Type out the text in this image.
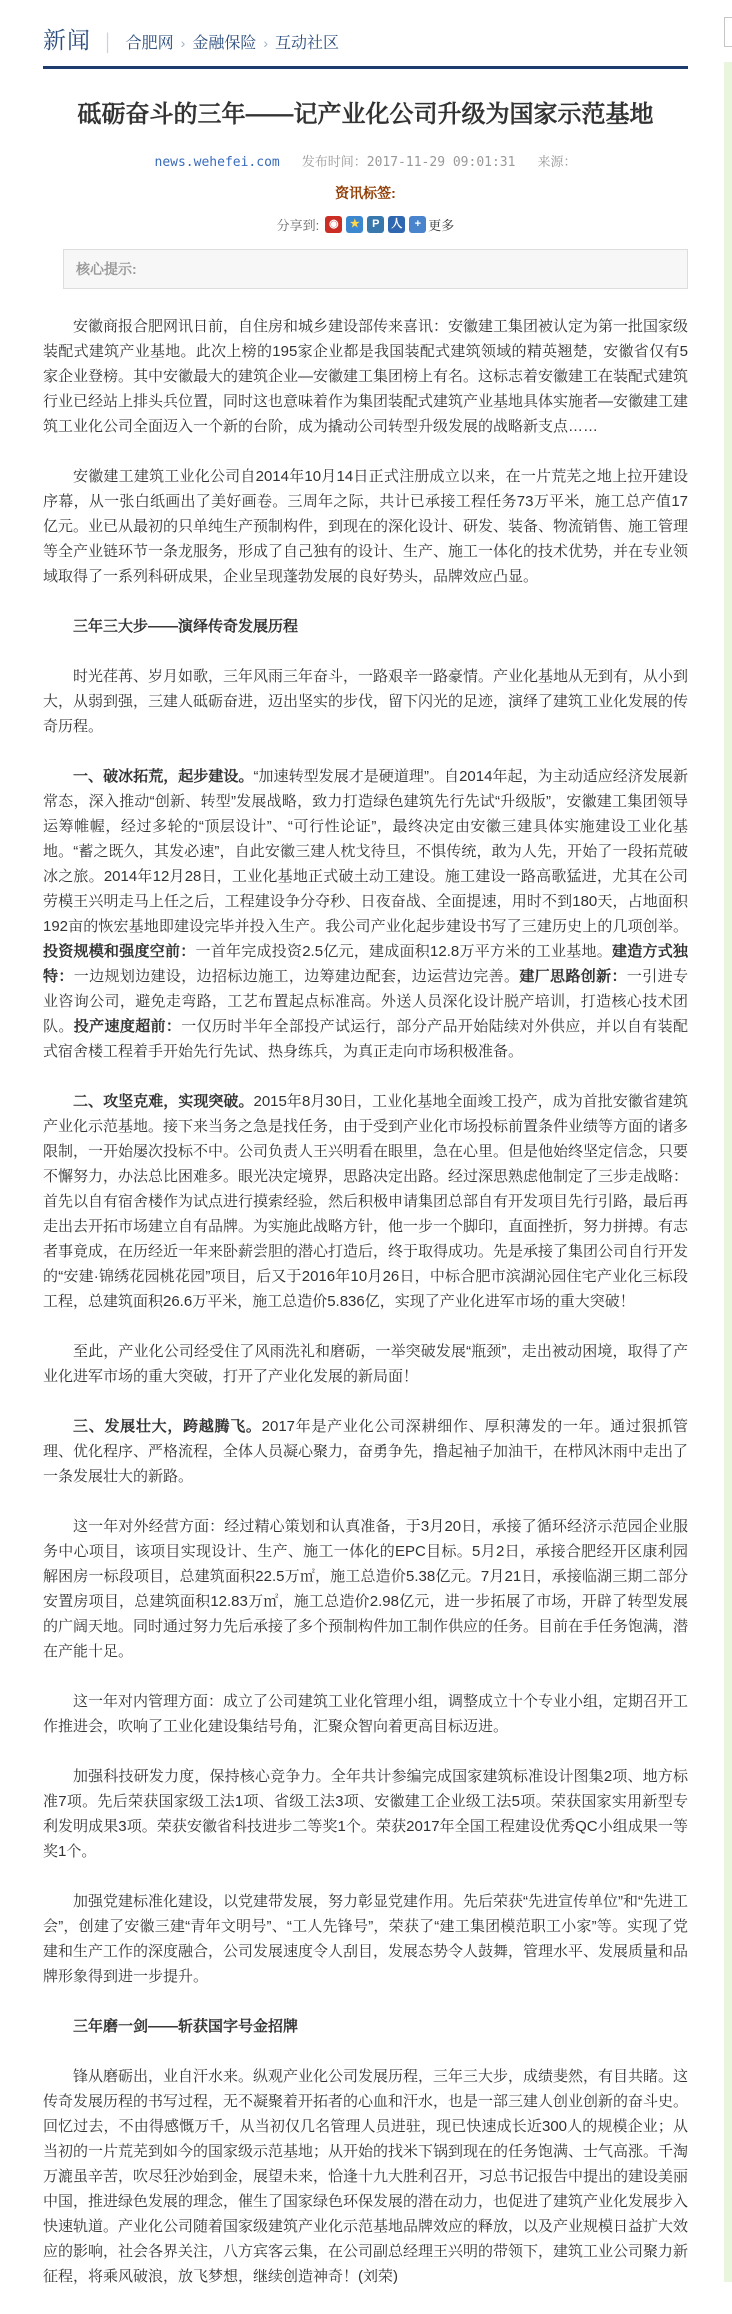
新闻 │ 合肥网 › 金融保险 › 互动社区
砥砺奋斗的三年——记产业化公司升级为国家示范基地
news.wehefei.com 发布时间：2017-11-29 09:01:31 来源：
资讯标签:
分享到: ◉	★	P	人	+ 更多
核心提示:

安徽商报合肥网讯日前，自住房和城乡建设部传来喜讯：安徽建工集团被认定为第一批国家级装配式建筑产业基地。此次上榜的195家企业都是我国装配式建筑领域的精英翘楚，安徽省仅有5家企业登榜。其中安徽最大的建筑企业—安徽建工集团榜上有名。这标志着安徽建工在装配式建筑行业已经站上排头兵位置，同时这也意味着作为集团装配式建筑产业基地具体实施者—安徽建工建筑工业化公司全面迈入一个新的台阶，成为撬动公司转型升级发展的战略新支点……

安徽建工建筑工业化公司自2014年10月14日正式注册成立以来，在一片荒芜之地上拉开建设序幕，从一张白纸画出了美好画卷。三周年之际，共计已承接工程任务73万平米，施工总产值17亿元。业已从最初的只单纯生产预制构件，到现在的深化设计、研发、装备、物流销售、施工管理等全产业链环节一条龙服务，形成了自己独有的设计、生产、施工一体化的技术优势，并在专业领域取得了一系列科研成果，企业呈现蓬勃发展的良好势头，品牌效应凸显。

三年三大步——演绎传奇发展历程

时光荏苒、岁月如歌，三年风雨三年奋斗，一路艰辛一路豪情。产业化基地从无到有，从小到大，从弱到强，三建人砥砺奋进，迈出坚实的步伐，留下闪光的足迹，演绎了建筑工业化发展的传奇历程。

一、破冰拓荒，起步建设。“加速转型发展才是硬道理”。自2014年起，为主动适应经济发展新常态，深入推动“创新、转型”发展战略，致力打造绿色建筑先行先试“升级版”，安徽建工集团领导运筹帷幄，经过多轮的“顶层设计”、“可行性论证”，最终决定由安徽三建具体实施建设工业化基地。“蓄之既久，其发必速”，自此安徽三建人枕戈待旦，不惧传统，敢为人先，开始了一段拓荒破冰之旅。2014年12月28日，工业化基地正式破土动工建设。施工建设一路高歌猛进，尤其在公司劳模王兴明走马上任之后，工程建设争分夺秒、日夜奋战、全面提速，用时不到180天，占地面积192亩的恢宏基地即建设完毕并投入生产。我公司产业化起步建设书写了三建历史上的几项创举。投资规模和强度空前：一首年完成投资2.5亿元，建成面积12.8万平方米的工业基地。建造方式独特：一边规划边建设，边招标边施工，边筹建边配套，边运营边完善。建厂思路创新：一引进专业咨询公司，避免走弯路，工艺布置起点标准高。外送人员深化设计脱产培训，打造核心技术团队。投产速度超前：一仅历时半年全部投产试运行，部分产品开始陆续对外供应，并以自有装配式宿舍楼工程着手开始先行先试、热身练兵，为真正走向市场积极准备。

二、攻坚克难，实现突破。2015年8月30日，工业化基地全面竣工投产，成为首批安徽省建筑产业化示范基地。接下来当务之急是找任务，由于受到产业化市场投标前置条件业绩等方面的诸多限制，一开始屡次投标不中。公司负责人王兴明看在眼里，急在心里。但是他始终坚定信念，只要不懈努力，办法总比困难多。眼光决定境界，思路决定出路。经过深思熟虑他制定了三步走战略：首先以自有宿舍楼作为试点进行摸索经验，然后积极申请集团总部自有开发项目先行引路，最后再走出去开拓市场建立自有品牌。为实施此战略方针，他一步一个脚印，直面挫折，努力拼搏。有志者事竟成，在历经近一年来卧薪尝胆的潜心打造后，终于取得成功。先是承接了集团公司自行开发的“安建·锦绣花园桃花园”项目，后又于2016年10月26日，中标合肥市滨湖沁园住宅产业化三标段工程，总建筑面积26.6万平米，施工总造价5.836亿，实现了产业化进军市场的重大突破！

至此，产业化公司经受住了风雨洗礼和磨砺，一举突破发展“瓶颈”，走出被动困境，取得了产业化进军市场的重大突破，打开了产业化发展的新局面！

三、发展壮大，跨越腾飞。2017年是产业化公司深耕细作、厚积薄发的一年。通过狠抓管理、优化程序、严格流程，全体人员凝心聚力，奋勇争先，撸起袖子加油干，在栉风沐雨中走出了一条发展壮大的新路。

这一年对外经营方面：经过精心策划和认真准备，于3月20日，承接了循环经济示范园企业服务中心项目，该项目实现设计、生产、施工一体化的EPC目标。5月2日，承接合肥经开区康利园解困房一标段项目，总建筑面积22.5万㎡，施工总造价5.38亿元。7月21日，承接临湖三期二部分安置房项目，总建筑面积12.83万㎡，施工总造价2.98亿元，进一步拓展了市场，开辟了转型发展的广阔天地。同时通过努力先后承接了多个预制构件加工制作供应的任务。目前在手任务饱满，潜在产能十足。

这一年对内管理方面：成立了公司建筑工业化管理小组，调整成立十个专业小组，定期召开工作推进会，吹响了工业化建设集结号角，汇聚众智向着更高目标迈进。

加强科技研发力度，保持核心竞争力。全年共计参编完成国家建筑标准设计图集2项、地方标准7项。先后荣获国家级工法1项、省级工法3项、安徽建工企业级工法5项。荣获国家实用新型专利发明成果3项。荣获安徽省科技进步二等奖1个。荣获2017年全国工程建设优秀QC小组成果一等奖1个。

加强党建标准化建设，以党建带发展，努力彰显党建作用。先后荣获“先进宣传单位”和“先进工会”，创建了安徽三建“青年文明号”、“工人先锋号”，荣获了“建工集团模范职工小家”等。实现了党建和生产工作的深度融合，公司发展速度令人刮目，发展态势令人鼓舞，管理水平、发展质量和品牌形象得到进一步提升。

三年磨一剑——斩获国字号金招牌

锋从磨砺出，业自汗水来。纵观产业化公司发展历程，三年三大步，成绩斐然，有目共睹。这传奇发展历程的书写过程，无不凝聚着开拓者的心血和汗水，也是一部三建人创业创新的奋斗史。回忆过去，不由得感慨万千，从当初仅几名管理人员进驻，现已快速成长近300人的规模企业；从当初的一片荒芜到如今的国家级示范基地；从开始的找米下锅到现在的任务饱满、士气高涨。千淘万漉虽辛苦，吹尽狂沙始到金，展望未来，恰逢十九大胜利召开，习总书记报告中提出的建设美丽中国，推进绿色发展的理念，催生了国家绿色环保发展的潜在动力，也促进了建筑产业化发展步入快速轨道。产业化公司随着国家级建筑产业化示范基地品牌效应的释放，以及产业规模日益扩大效应的影响，社会各界关注，八方宾客云集，在公司副总经理王兴明的带领下，建筑工业公司聚力新征程，将乘风破浪，放飞梦想，继续创造神奇！(刘荣)
